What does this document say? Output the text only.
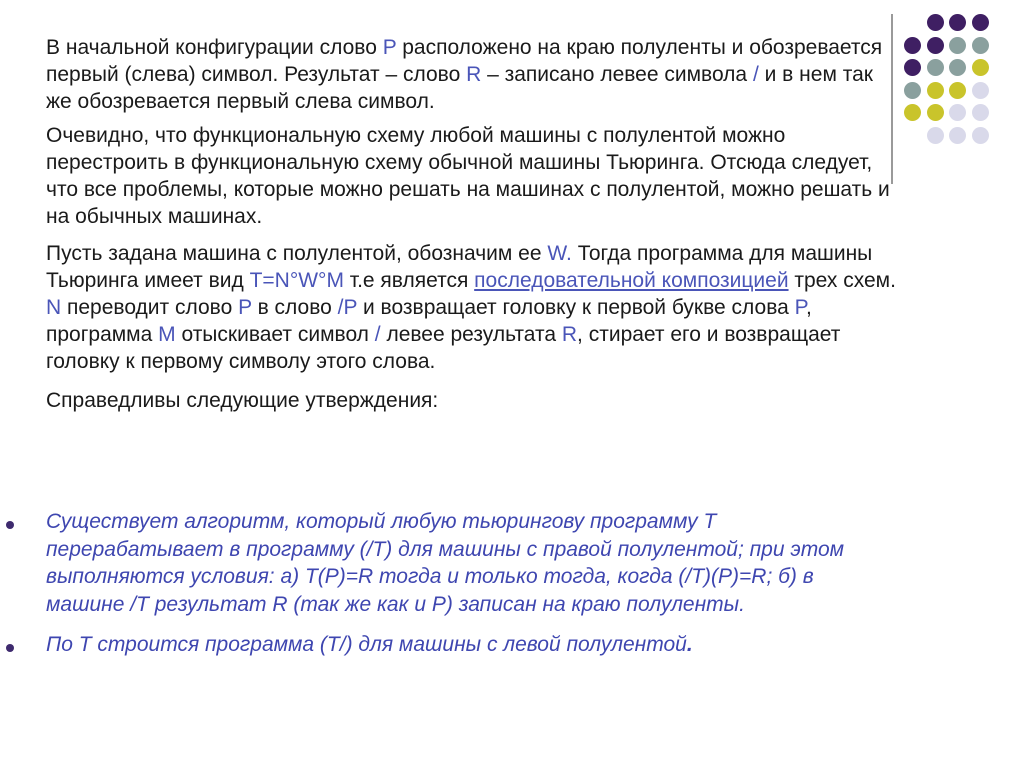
В начальной конфигурации слово P расположено на краю полуленты и обозревается первый (слева) символ. Результат – слово R – записано левее символа / и в нем так же обозревается первый слева символ.

Очевидно, что функциональную схему любой машины с полулентой можно перестроить в функциональную схему обычной машины Тьюринга. Отсюда следует, что все проблемы, которые можно решать на машинах с полулентой, можно решать и на обычных машинах.

Пусть задана машина с полулентой, обозначим ее W. Тогда программа для машины Тьюринга имеет вид T=N°W°M т.е является последовательной композицией трех схем. N переводит слово P в слово /P и возвращает головку к первой букве слова P, программа M отыскивает символ / левее результата R, стирает его и возвращает головку к первому символу этого слова.

Справедливы следующие утверждения:

Существует алгоритм, который любую тьюрингову программу T перерабатывает в программу (/T) для машины с правой полулентой; при этом выполняются условия: а) T(P)=R тогда и только тогда, когда (/T)(P)=R; б) в машине /T результат R (так же как и P) записан на краю полуленты.
По T строится программа (T/) для машины с левой полулентой.
